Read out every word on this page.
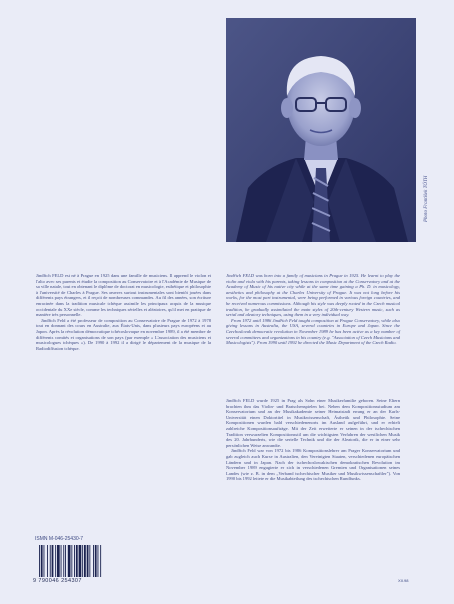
Photo František TÓTH

Jindřich FELD est né à Prague en 1925 dans une famille de musiciens. Il apprend le violon et l'alto avec ses parents et étudie la composition au Conservatoire et à l'Académie de Musique de sa ville natale, tout en obtenant le diplôme de doctorat en musicologie, esthétique et philosophie à l'université de Charles à Prague. Ses œuvres surtout instrumentales sont bientôt jouées dans différents pays étrangers, et il reçoit de nombreuses commandes. Au fil des années, son écriture enracinée dans la tradition musicale tchèque assimile les principaux acquis de la musique occidentale du XXe siècle, comme les techniques sérielles et aléatoires, qu'il met en pratique de manière très personnelle.

Jindřich Feld a été professeur de composition au Conservatoire de Prague de 1972 à 1978 tout en donnant des cours en Australie, aux États-Unis, dans plusieurs pays européens et au Japon. Après la révolution démocratique tchécoslovaque en novembre 1989, il a été membre de différents comités et organisations de son pays (par exemple « L'association des musiciens et musicologues tchèques »). De 1990 à 1992 il a dirigé le département de la musique de la Radiodiffusion tchèque.

Jindřich FELD was born into a family of musicians in Prague in 1925. He learnt to play the violin and viola with his parents, taking lessons in composition at the Conservatory and at the Academy of Music of his native city while at the same time gaining a Ph. D. in musicology, aesthetics and philosophy at the Charles University of Prague. It was not long before his works, for the most part instrumental, were being performed in various foreign countries, and he received numerous commissions. Although his style was deeply rooted in the Czech musical tradition, he gradually assimilated the main styles of 20th-century Western music, such as serial and aleatory techniques, using them in a very individual way.

From 1972 until 1986 Jindřich Feld taught composition at Prague Conservatory, while also giving lessons in Australia, the USA, several countries in Europe and Japan. Since the Czechoslovak democratic revolution in November 1989 he has been active as a key number of several committees and organizations in his country (e.g. "Association of Czech Musicians and Musicologists"). From 1990 until 1992 he directed the Music Department of the Czech Radio.

Jindřich FELD wurde 1925 in Prag als Sohn einer Musikerfamilie geboren. Seine Eltern brachten ihm das Violin- und Bratschenspielen bei. Neben dem Kompositionsstudium am Konservatorium und an der Musikakademie seiner Heimatstadt errang er an der Karls-Universität einen Doktortitel in Musikwissenschaft, Ästhetik und Philosophie. Seine Kompositionen wurden bald verschiedenenorts im Ausland aufgeführt, und er erhielt zahlreiche Kompositionsaufträge. Mit der Zeit erweiterte er seinen in der tschechischen Tradition verwurzelten Kompositionsstil um die wichtigsten Verfahren der westlichen Musik des 20. Jahrhunderts, wie die serielle Technik und die der Aleatorik, die er in einer sehr persönlichen Weise anwandte.

Jindřich Feld war von 1972 bis 1986 Kompositionslehrer am Prager Konservatorium und gab zugleich auch Kurse in Australien, den Vereinigten Staaten, verschiedenen europäischen Ländern und in Japan. Nach der tschechoslowakischen demokratischen Revolution im November 1989 engagierte er sich in verschiedenen Gremien und Organisationen seines Landes (wie z. B. in dem „Verband tschechischer Musiker und Musikwissenschaftler"). Von 1990 bis 1992 leitete er die Musikabteilung des tschechischen Rundfunks.

ISMN M-046-25430-7
9 790046 254307	XII.98
